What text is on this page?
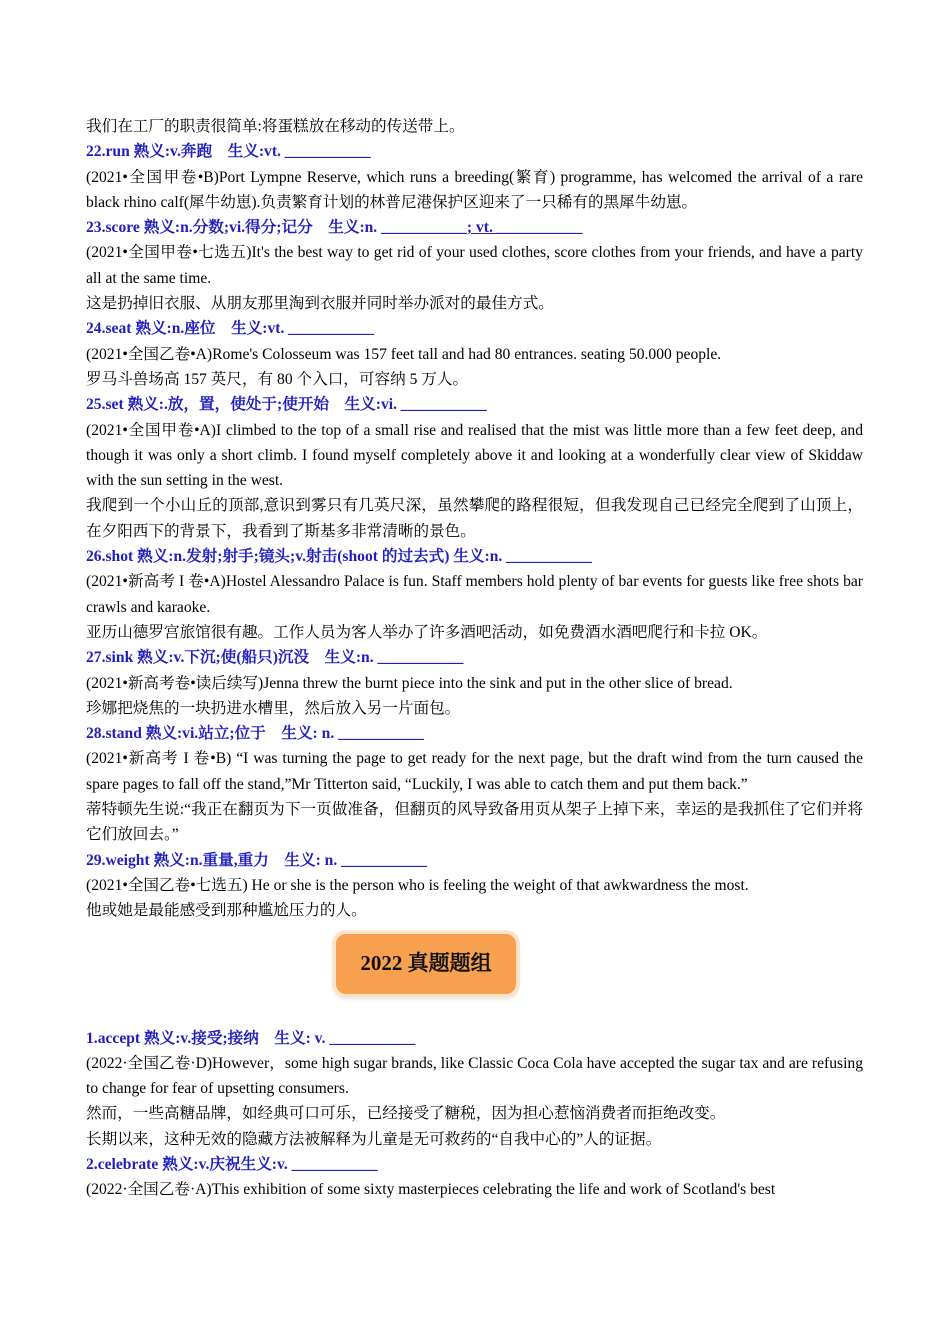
我们在工厂的职责很简单:将蛋糕放在移动的传送带上。

22.run 熟义:v.奔跑　生义:vt. ___________

(2021•全国甲卷•B)Port Lympne Reserve, which runs a breeding(繁育) programme, has welcomed the arrival of a rare black rhino calf(犀牛幼崽).负责繁育计划的林普尼港保护区迎来了一只稀有的黑犀牛幼崽。

23.score 熟义:n.分数;vi.得分;记分　生义:n. ___________; vt. ___________

(2021•全国甲卷•七选五)It's the best way to get rid of your used clothes, score clothes from your friends, and have a party all at the same time.

这是扔掉旧衣服、从朋友那里淘到衣服并同时举办派对的最佳方式。

24.seat 熟义:n.座位　生义:vt. ___________

(2021•全国乙卷•A)Rome's Colosseum was 157 feet tall and had 80 entrances. seating 50.000 people.

罗马斗兽场高 157 英尺，有 80 个入口，可容纳 5 万人。

25.set 熟义:.放，置，使处于;使开始　生义:vi. ___________

(2021•全国甲卷•A)I climbed to the top of a small rise and realised that the mist was little more than a few feet deep, and though it was only a short climb. I found myself completely above it and looking at a wonderfully clear view of Skiddaw with the sun setting in the west.

我爬到一个小山丘的顶部,意识到雾只有几英尺深，虽然攀爬的路程很短，但我发现自己已经完全爬到了山顶上，在夕阳西下的背景下，我看到了斯基多非常清晰的景色。

26.shot 熟义:n.发射;射手;镜头;v.射击(shoot 的过去式) 生义:n. ___________

(2021•新高考 I 卷•A)Hostel Alessandro Palace is fun. Staff members hold plenty of bar events for guests like free shots bar crawls and karaoke.

亚历山德罗宫旅馆很有趣。工作人员为客人举办了许多酒吧活动，如免费酒水酒吧爬行和卡拉 OK。

27.sink 熟义:v.下沉;使(船只)沉没　生义:n. ___________

(2021•新高考卷•读后续写)Jenna threw the burnt piece into the sink and put in the other slice of bread.

珍娜把烧焦的一块扔进水槽里，然后放入另一片面包。

28.stand 熟义:vi.站立;位于　生义: n. ___________

(2021•新高考 I 卷•B) “I was turning the page to get ready for the next page, but the draft wind from the turn caused the spare pages to fall off the stand,”Mr Titterton said, “Luckily, I was able to catch them and put them back.”

蒂特顿先生说:“我正在翻页为下一页做准备，但翻页的风导致备用页从架子上掉下来，幸运的是我抓住了它们并将它们放回去。”

29.weight 熟义:n.重量,重力　生义: n. ___________

(2021•全国乙卷•七选五) He or she is the person who is feeling the weight of that awkwardness the most.

他或她是最能感受到那种尴尬压力的人。

2022 真题题组

1.accept 熟义:v.接受;接纳　生义: v. ___________

(2022·全国乙卷·D)However，some high sugar brands, like Classic Coca Cola have accepted the sugar tax and are refusing to change for fear of upsetting consumers.

然而，一些高糖品牌，如经典可口可乐，已经接受了糖税，因为担心惹恼消费者而拒绝改变。

长期以来，这种无效的隐藏方法被解释为儿童是无可救药的“自我中心的”人的证据。

2.celebrate 熟义:v.庆祝生义:v. ___________

(2022·全国乙卷·A)This exhibition of some sixty masterpieces celebrating the life and work of Scotland's best
